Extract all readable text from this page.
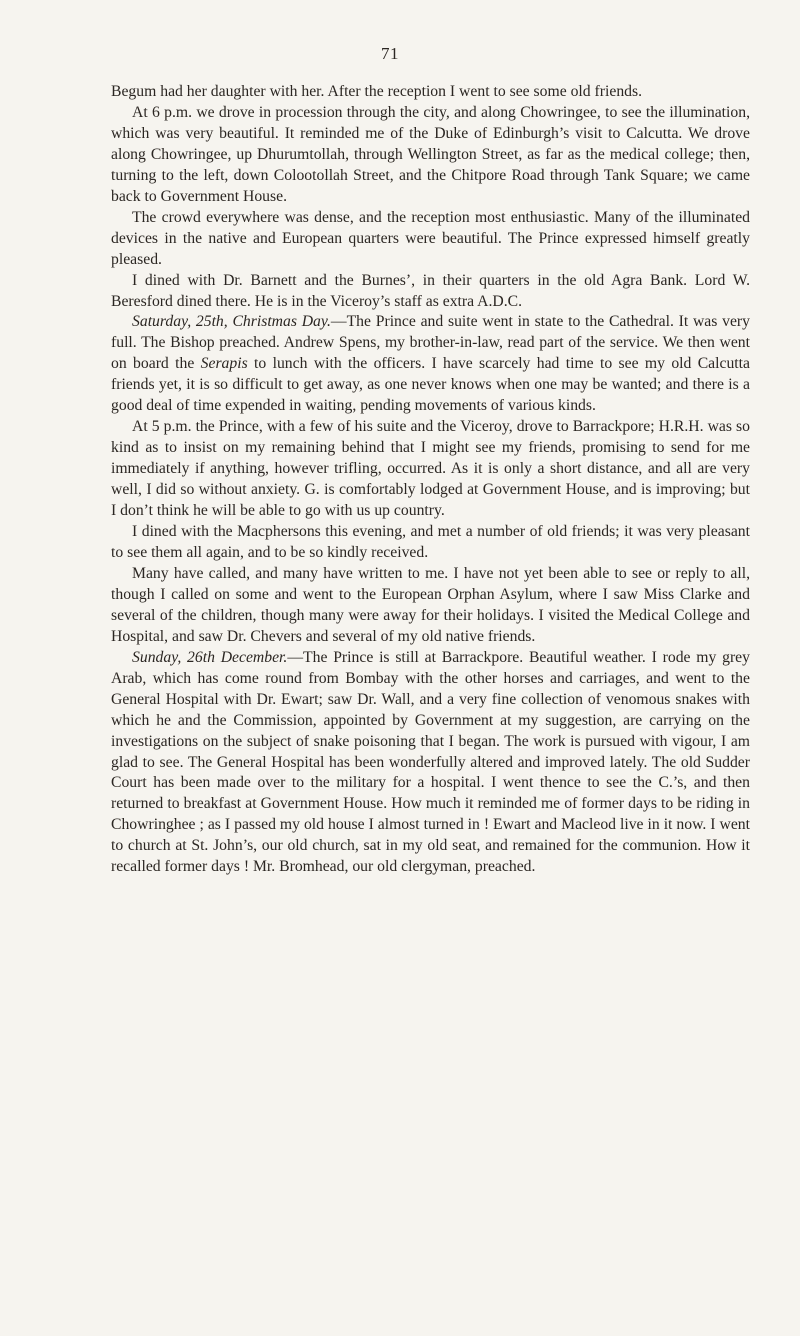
71

Begum had her daughter with her. After the reception I went to see some old friends.

At 6 p.m. we drove in procession through the city, and along Chowringee, to see the illumination, which was very beautiful. It reminded me of the Duke of Edinburgh’s visit to Calcutta. We drove along Chowringee, up Dhurumtollah, through Wellington Street, as far as the medical college; then, turning to the left, down Colootollah Street, and the Chitpore Road through Tank Square; we came back to Government House.

The crowd everywhere was dense, and the reception most enthusiastic. Many of the illuminated devices in the native and European quarters were beautiful. The Prince expressed himself greatly pleased.

I dined with Dr. Barnett and the Burnes’, in their quarters in the old Agra Bank. Lord W. Beresford dined there. He is in the Viceroy’s staff as extra A.D.C.

Saturday, 25th, Christmas Day.—The Prince and suite went in state to the Cathedral. It was very full. The Bishop preached. Andrew Spens, my brother-in-law, read part of the service. We then went on board the Serapis to lunch with the officers. I have scarcely had time to see my old Calcutta friends yet, it is so difficult to get away, as one never knows when one may be wanted; and there is a good deal of time expended in waiting, pending movements of various kinds.

At 5 p.m. the Prince, with a few of his suite and the Viceroy, drove to Barrackpore; H.R.H. was so kind as to insist on my remaining behind that I might see my friends, promising to send for me immediately if anything, however trifling, occurred. As it is only a short distance, and all are very well, I did so without anxiety. G. is comfortably lodged at Government House, and is improving; but I don’t think he will be able to go with us up country.

I dined with the Macphersons this evening, and met a number of old friends; it was very pleasant to see them all again, and to be so kindly received.

Many have called, and many have written to me. I have not yet been able to see or reply to all, though I called on some and went to the European Orphan Asylum, where I saw Miss Clarke and several of the children, though many were away for their holidays. I visited the Medical College and Hospital, and saw Dr. Chevers and several of my old native friends.

Sunday, 26th December.—The Prince is still at Barrackpore. Beautiful weather. I rode my grey Arab, which has come round from Bombay with the other horses and carriages, and went to the General Hospital with Dr. Ewart; saw Dr. Wall, and a very fine collection of venomous snakes with which he and the Commission, appointed by Government at my suggestion, are carrying on the investigations on the subject of snake poisoning that I began. The work is pursued with vigour, I am glad to see. The General Hospital has been wonderfully altered and improved lately. The old Sudder Court has been made over to the military for a hospital. I went thence to see the C.’s, and then returned to breakfast at Government House. How much it reminded me of former days to be riding in Chowringhee ; as I passed my old house I almost turned in ! Ewart and Macleod live in it now. I went to church at St. John’s, our old church, sat in my old seat, and remained for the communion. How it recalled former days ! Mr. Bromhead, our old clergyman, preached.
